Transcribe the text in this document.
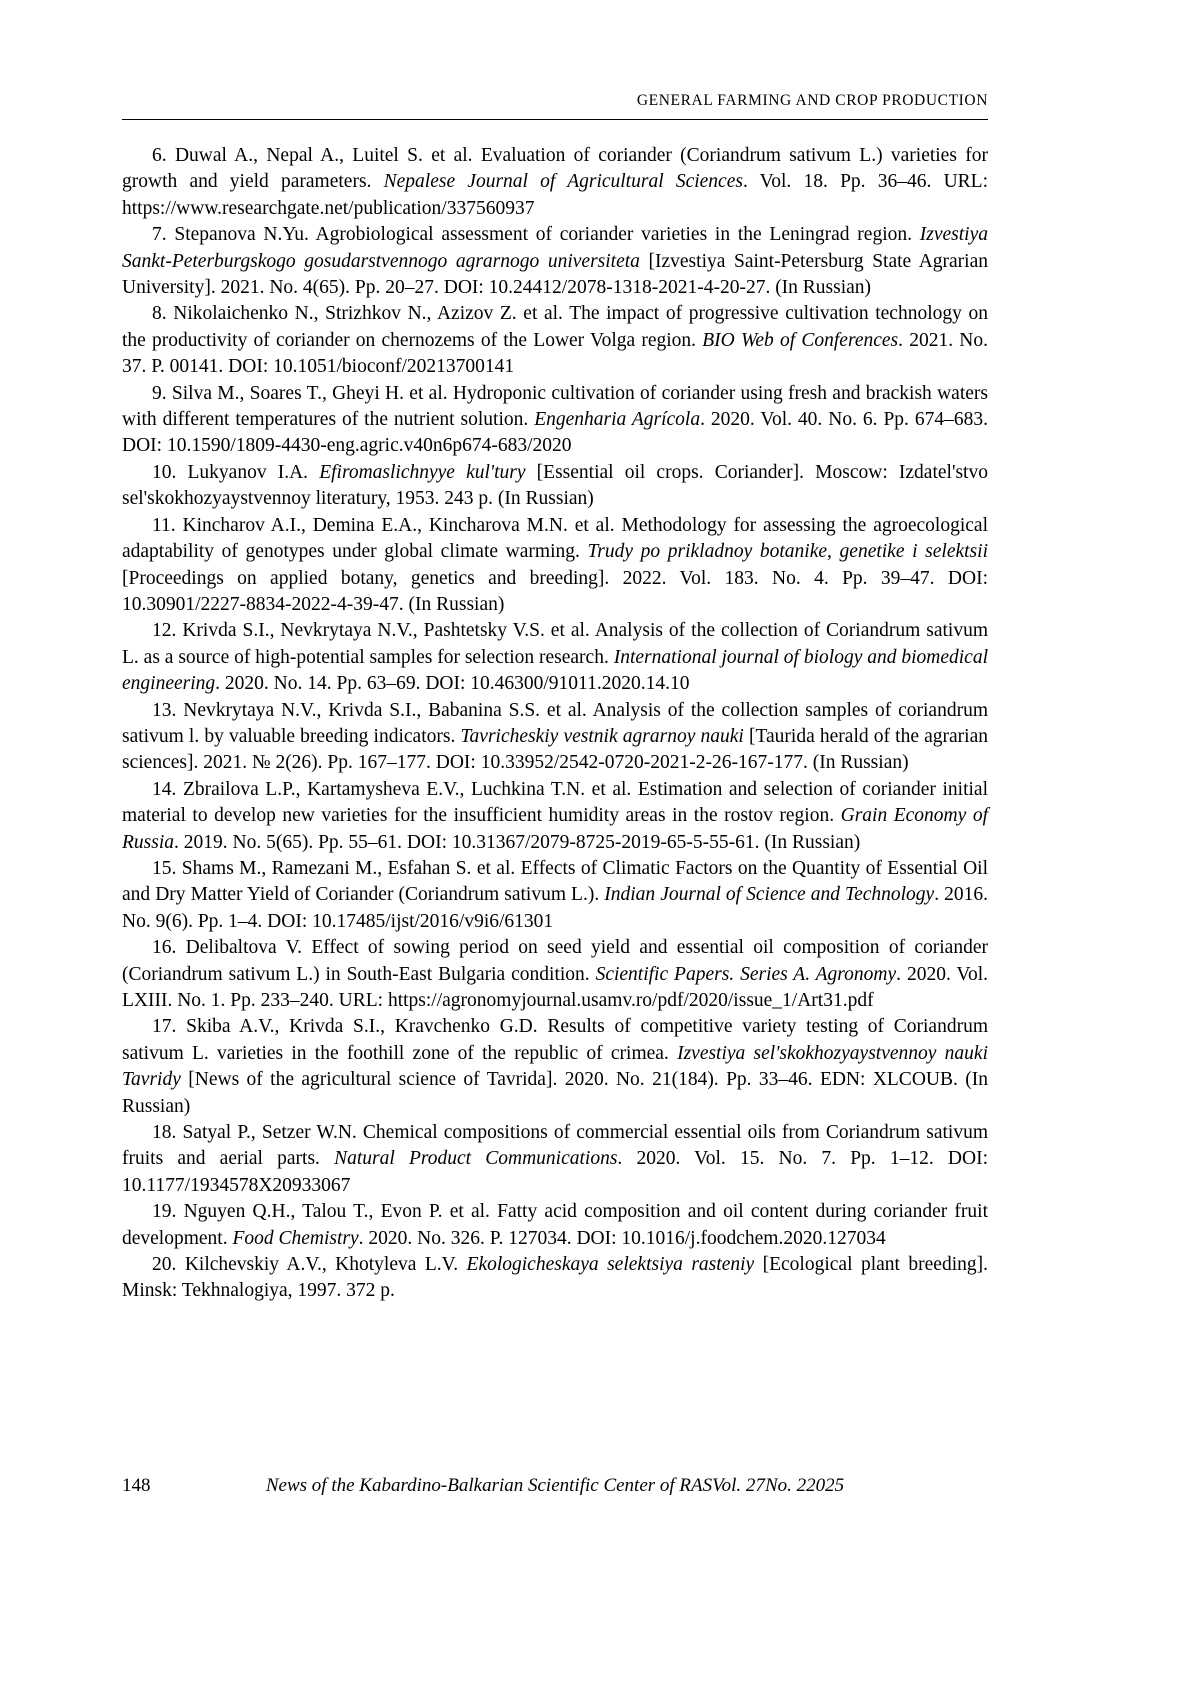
GENERAL FARMING AND CROP PRODUCTION

6. Duwal A., Nepal A., Luitel S. et al. Evaluation of coriander (Coriandrum sativum L.) varieties for growth and yield parameters. Nepalese Journal of Agricultural Sciences. Vol. 18. Pp. 36–46. URL: https://www.researchgate.net/publication/337560937

7. Stepanova N.Yu. Agrobiological assessment of coriander varieties in the Leningrad region. Izvestiya Sankt-Peterburgskogo gosudarstvennogo agrarnogo universiteta [Izvestiya Saint-Petersburg State Agrarian University]. 2021. No. 4(65). Pp. 20–27. DOI: 10.24412/2078-1318-2021-4-20-27. (In Russian)

8. Nikolaichenko N., Strizhkov N., Azizov Z. et al. The impact of progressive cultivation technology on the productivity of coriander on chernozems of the Lower Volga region. BIO Web of Conferences. 2021. No. 37. P. 00141. DOI: 10.1051/bioconf/20213700141

9. Silva M., Soares T., Gheyi H. et al. Hydroponic cultivation of coriander using fresh and brackish waters with different temperatures of the nutrient solution. Engenharia Agrícola. 2020. Vol. 40. No. 6. Pp. 674–683. DOI: 10.1590/1809-4430-eng.agric.v40n6p674-683/2020

10. Lukyanov I.A. Efiromaslichnyye kul'tury [Essential oil crops. Coriander]. Moscow: Izdatel'stvo sel'skokhozyaystvennoy literatury, 1953. 243 p. (In Russian)

11. Kincharov A.I., Demina E.A., Kincharova M.N. et al. Methodology for assessing the agroecological adaptability of genotypes under global climate warming. Trudy po prikladnoy botanike, genetike i selektsii [Proceedings on applied botany, genetics and breeding]. 2022. Vol. 183. No. 4. Pp. 39–47. DOI: 10.30901/2227-8834-2022-4-39-47. (In Russian)

12. Krivda S.I., Nevkrytaya N.V., Pashtetsky V.S. et al. Analysis of the collection of Coriandrum sativum L. as a source of high-potential samples for selection research. International journal of biology and biomedical engineering. 2020. No. 14. Pp. 63–69. DOI: 10.46300/91011.2020.14.10

13. Nevkrytaya N.V., Krivda S.I., Babanina S.S. et al. Analysis of the collection samples of coriandrum sativum l. by valuable breeding indicators. Tavricheskiy vestnik agrarnoy nauki [Taurida herald of the agrarian sciences]. 2021. № 2(26). Pp. 167–177. DOI: 10.33952/2542-0720-2021-2-26-167-177. (In Russian)

14. Zbrailova L.P., Kartamysheva E.V., Luchkina T.N. et al. Estimation and selection of coriander initial material to develop new varieties for the insufficient humidity areas in the rostov region. Grain Economy of Russia. 2019. No. 5(65). Pp. 55–61. DOI: 10.31367/2079-8725-2019-65-5-55-61. (In Russian)

15. Shams M., Ramezani M., Esfahan S. et al. Effects of Climatic Factors on the Quantity of Essential Oil and Dry Matter Yield of Coriander (Coriandrum sativum L.). Indian Journal of Science and Technology. 2016. No. 9(6). Pp. 1–4. DOI: 10.17485/ijst/2016/v9i6/61301

16. Delibaltova V. Effect of sowing period on seed yield and essential oil composition of coriander (Coriandrum sativum L.) in South-East Bulgaria condition. Scientific Papers. Series A. Agronomy. 2020. Vol. LXIII. No. 1. Pp. 233–240. URL: https://agronomyjournal.usamv.ro/pdf/2020/issue_1/Art31.pdf

17. Skiba A.V., Krivda S.I., Kravchenko G.D. Results of competitive variety testing of Coriandrum sativum L. varieties in the foothill zone of the republic of crimea. Izvestiya sel'skokhozyaystvennoy nauki Tavridy [News of the agricultural science of Tavrida]. 2020. No. 21(184). Pp. 33–46. EDN: XLCOUB. (In Russian)

18. Satyal P., Setzer W.N. Chemical compositions of commercial essential oils from Coriandrum sativum fruits and aerial parts. Natural Product Communications. 2020. Vol. 15. No. 7. Pp. 1–12. DOI: 10.1177/1934578X20933067

19. Nguyen Q.H., Talou T., Evon P. et al. Fatty acid composition and oil content during coriander fruit development. Food Chemistry. 2020. No. 326. P. 127034. DOI: 10.1016/j.foodchem.2020.127034

20. Kilchevskiy A.V., Khotyleva L.V. Ekologicheskaya selektsiya rasteniy [Ecological plant breeding]. Minsk: Tekhnalogiya, 1997. 372 p.

148	News of the Kabardino-Balkarian Scientific Center of RASVol. 27No. 22025
